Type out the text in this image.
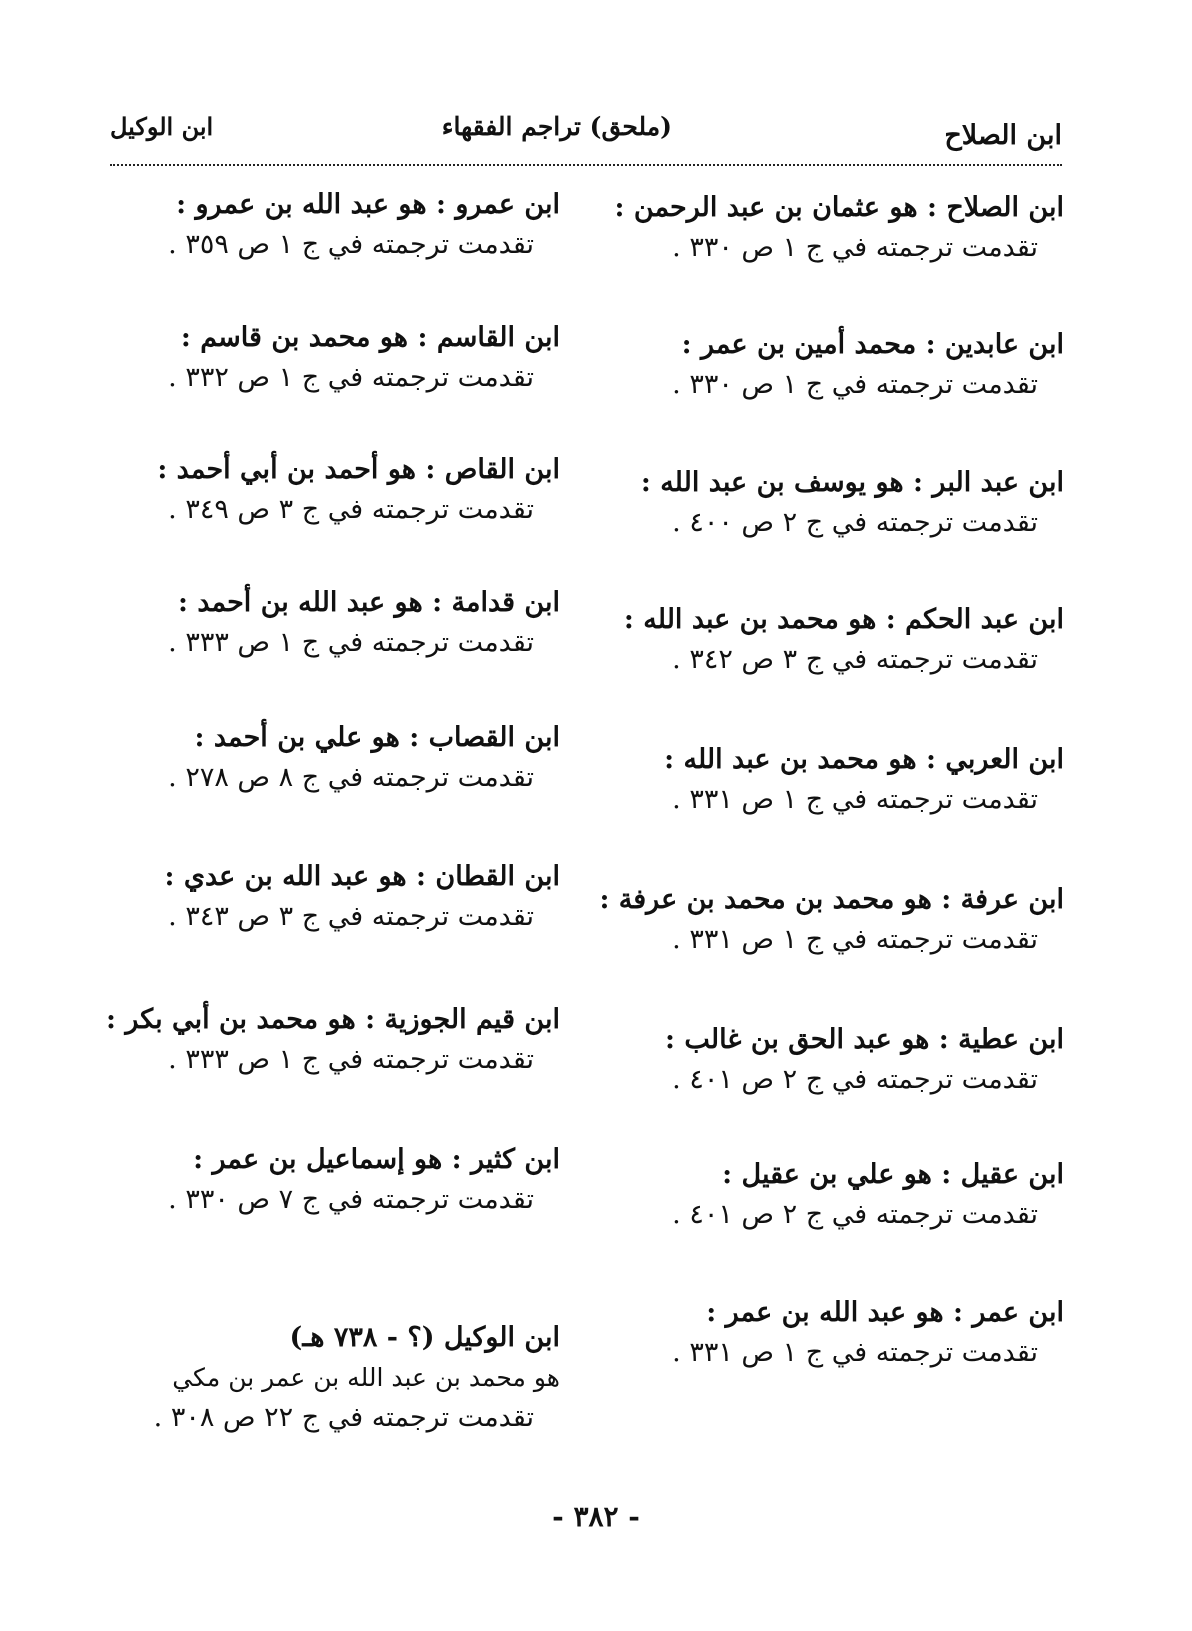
ابن الصلاح
(ملحق) تراجم الفقهاء
ابن الوكيل
ابن الصلاح : هو عثمان بن عبد الرحمن :
تقدمت ترجمته في ج ١ ص ٣٣٠ .
ابن عابدين : محمد أمين بن عمر :
تقدمت ترجمته في ج ١ ص ٣٣٠ .
ابن عبد البر : هو يوسف بن عبد الله :
تقدمت ترجمته في ج ٢ ص ٤٠٠ .
ابن عبد الحكم : هو محمد بن عبد الله :
تقدمت ترجمته في ج ٣ ص ٣٤٢ .
ابن العربي : هو محمد بن عبد الله :
تقدمت ترجمته في ج ١ ص ٣٣١ .
ابن عرفة : هو محمد بن محمد بن عرفة :
تقدمت ترجمته في ج ١ ص ٣٣١ .
ابن عطية : هو عبد الحق بن غالب :
تقدمت ترجمته في ج ٢ ص ٤٠١ .
ابن عقيل : هو علي بن عقيل :
تقدمت ترجمته في ج ٢ ص ٤٠١ .
ابن عمر : هو عبد الله بن عمر :
تقدمت ترجمته في ج ١ ص ٣٣١ .
ابن عمرو : هو عبد الله بن عمرو :
تقدمت ترجمته في ج ١ ص ٣٥٩ .
ابن القاسم : هو محمد بن قاسم :
تقدمت ترجمته في ج ١ ص ٣٣٢ .
ابن القاص : هو أحمد بن أبي أحمد :
تقدمت ترجمته في ج ٣ ص ٣٤٩ .
ابن قدامة : هو عبد الله بن أحمد :
تقدمت ترجمته في ج ١ ص ٣٣٣ .
ابن القصاب : هو علي بن أحمد :
تقدمت ترجمته في ج ٨ ص ٢٧٨ .
ابن القطان : هو عبد الله بن عدي :
تقدمت ترجمته في ج ٣ ص ٣٤٣ .
ابن قيم الجوزية : هو محمد بن أبي بكر :
تقدمت ترجمته في ج ١ ص ٣٣٣ .
ابن كثير : هو إسماعيل بن عمر :
تقدمت ترجمته في ج ٧ ص ٣٣٠ .
ابن الوكيل (؟ - ٧٣٨ هـ)
هو محمد بن عبد الله بن عمر بن مكي
تقدمت ترجمته في ج ٢٢ ص ٣٠٨ .
- ٣٨٢ -
